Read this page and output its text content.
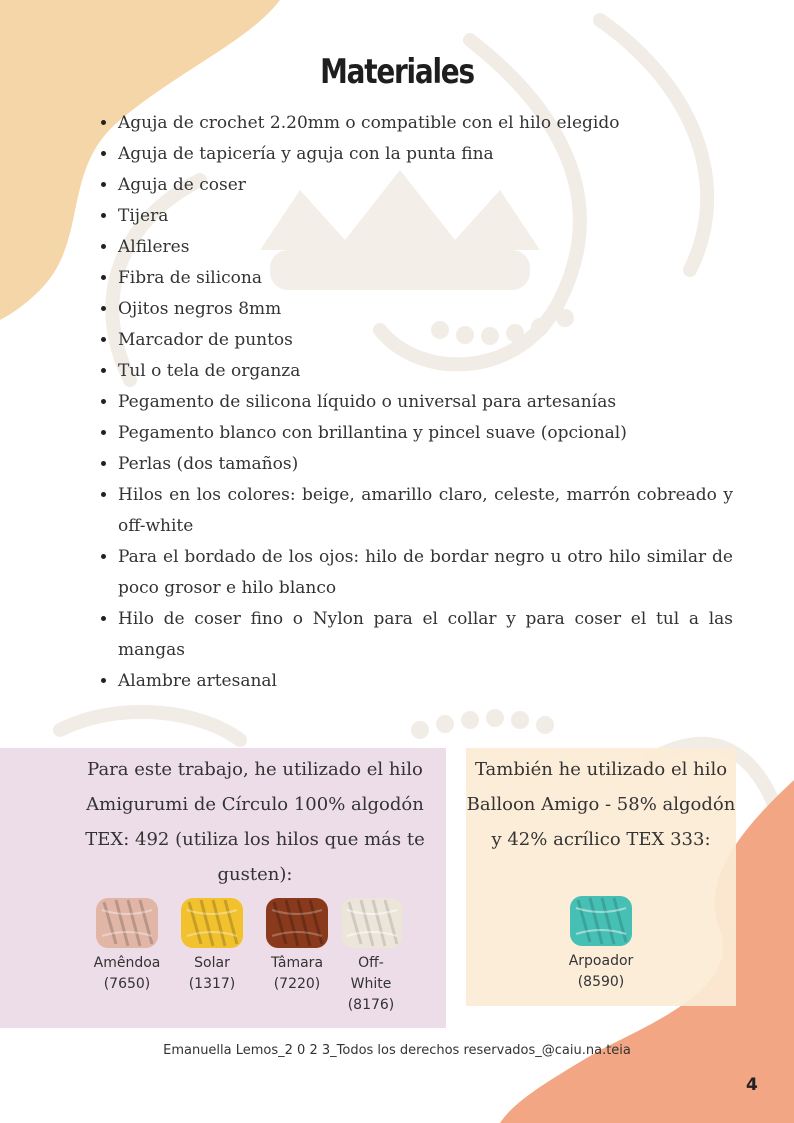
Materiales
• Aguja de crochet 2.20mm o compatible con el hilo elegido
• Aguja de tapicería y aguja con la punta fina
• Aguja de coser
• Tijera
• Alfileres
• Fibra de silicona
• Ojitos negros 8mm
• Marcador de puntos
• Tul o tela de organza
• Pegamento de silicona líquido o universal para artesanías
• Pegamento blanco con brillantina y pincel suave (opcional)
• Perlas (dos tamaños)
• Hilos en los colores: beige, amarillo claro, celeste, marrón cobreado y off-white
• Para el bordado de los ojos: hilo de bordar negro u otro hilo similar de poco grosor e hilo blanco
• Hilo de coser fino o Nylon para el collar y para coser el tul a las mangas
• Alambre artesanal

Para este trabajo, he utilizado el hilo Amigurumi de Círculo 100% algodón TEX: 492 (utiliza los hilos que más te gusten):

Amêndoa
(7650)
Solar
(1317)
Tâmara
(7220)
Off-White
(8176)

También he utilizado el hilo Balloon Amigo - 58% algodón y 42% acrílico TEX 333:

Arpoador
(8590)

Emanuella Lemos_2 0 2 3_Todos los derechos reservados_@caiu.na.teia

4
